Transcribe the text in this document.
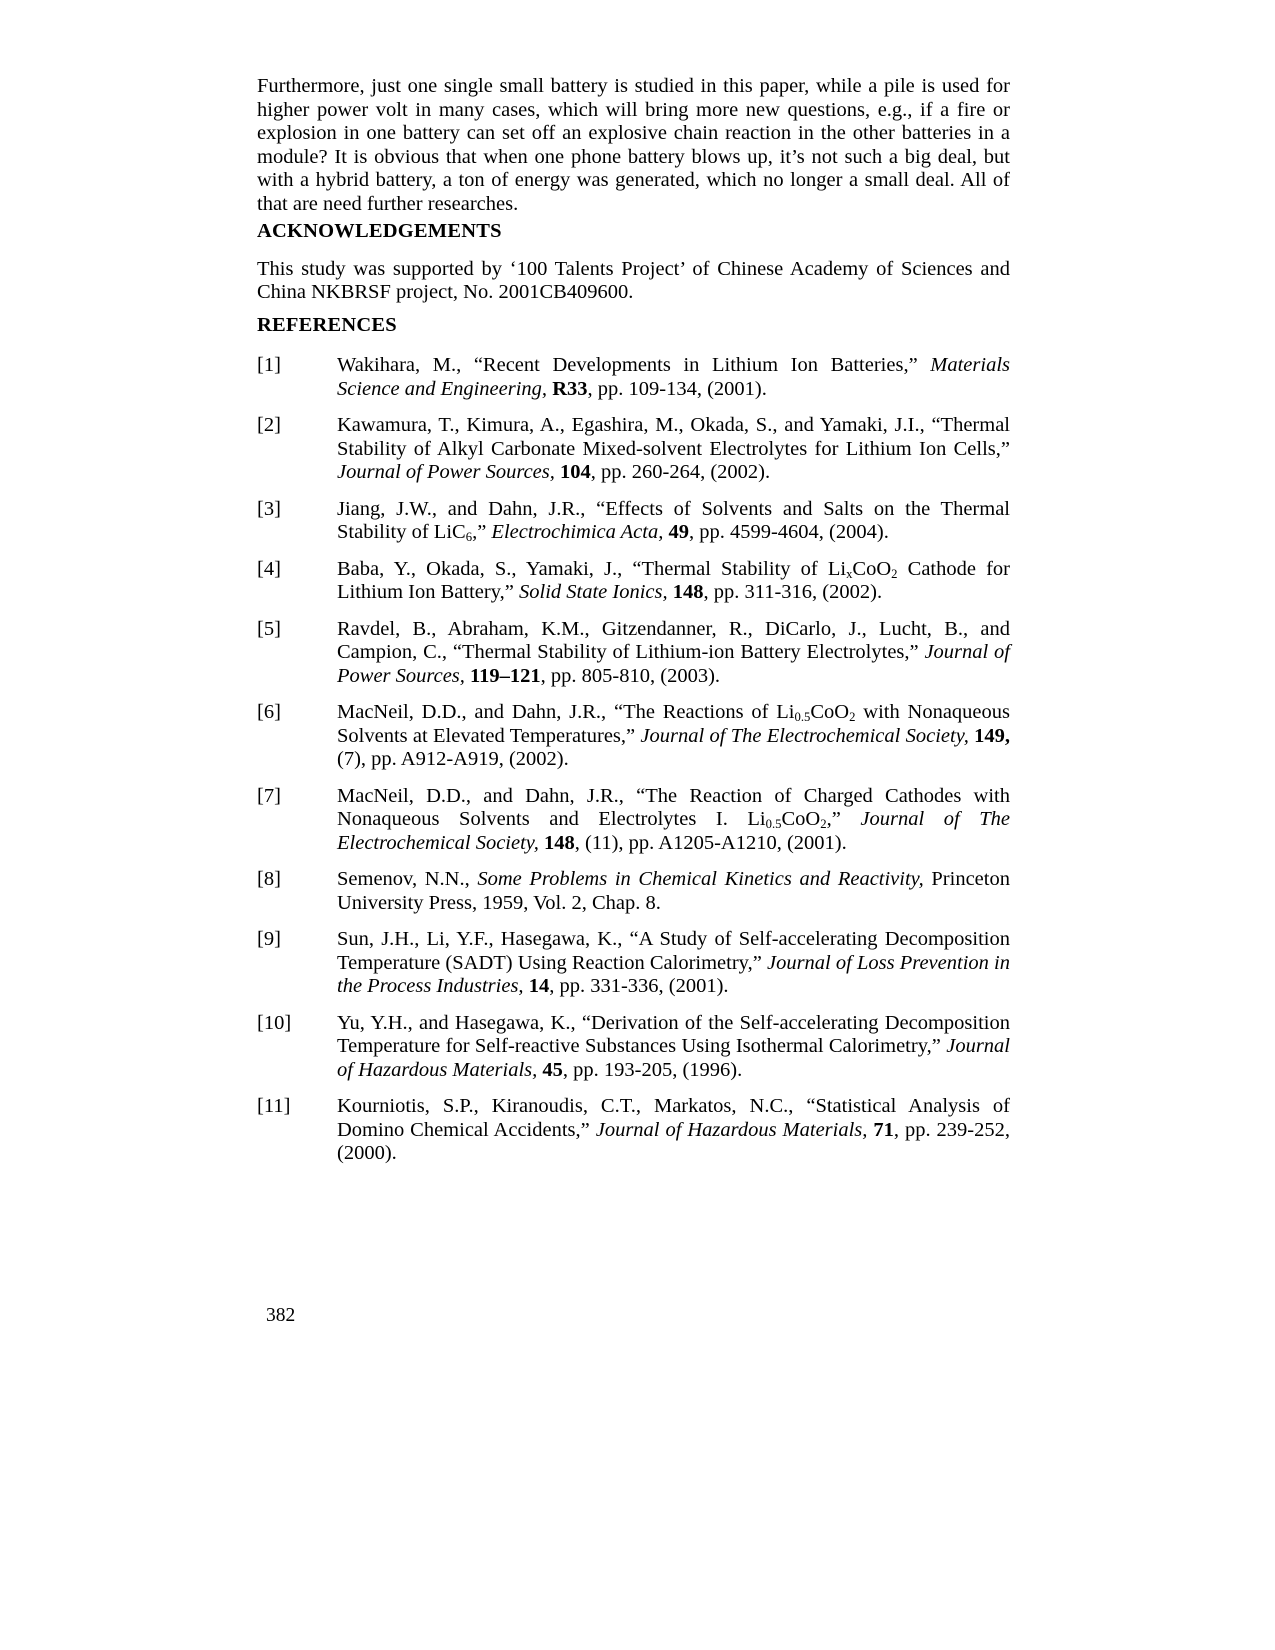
Furthermore, just one single small battery is studied in this paper, while a pile is used for higher power volt in many cases, which will bring more new questions, e.g., if a fire or explosion in one battery can set off an explosive chain reaction in the other batteries in a module? It is obvious that when one phone battery blows up, it’s not such a big deal, but with a hybrid battery, a ton of energy was generated, which no longer a small deal. All of that are need further researches.

ACKNOWLEDGEMENTS

This study was supported by ‘100 Talents Project’ of Chinese Academy of Sciences and China NKBRSF project, No. 2001CB409600.

REFERENCES
[1]	Wakihara, M., “Recent Developments in Lithium Ion Batteries,” Materials Science and Engineering, R33, pp. 109-134, (2001).
[2]	Kawamura, T., Kimura, A., Egashira, M., Okada, S., and Yamaki, J.I., “Thermal Stability of Alkyl Carbonate Mixed-solvent Electrolytes for Lithium Ion Cells,” Journal of Power Sources, 104, pp. 260-264, (2002).
[3]	Jiang, J.W., and Dahn, J.R., “Effects of Solvents and Salts on the Thermal Stability of LiC6,” Electrochimica Acta, 49, pp. 4599-4604, (2004).
[4]	Baba, Y., Okada, S., Yamaki, J., “Thermal Stability of LixCoO2 Cathode for Lithium Ion Battery,” Solid State Ionics, 148, pp. 311-316, (2002).
[5]	Ravdel, B., Abraham, K.M., Gitzendanner, R., DiCarlo, J., Lucht, B., and Campion, C., “Thermal Stability of Lithium-ion Battery Electrolytes,” Journal of Power Sources, 119–121, pp. 805-810, (2003).
[6]	MacNeil, D.D., and Dahn, J.R., “The Reactions of Li0.5CoO2 with Nonaqueous Solvents at Elevated Temperatures,” Journal of The Electrochemical Society, 149, (7), pp. A912-A919, (2002).
[7]	MacNeil, D.D., and Dahn, J.R., “The Reaction of Charged Cathodes with Nonaqueous Solvents and Electrolytes I. Li0.5CoO2,” Journal of The Electrochemical Society, 148, (11), pp. A1205-A1210, (2001).
[8]	Semenov, N.N., Some Problems in Chemical Kinetics and Reactivity, Princeton University Press, 1959, Vol. 2, Chap. 8.
[9]	Sun, J.H., Li, Y.F., Hasegawa, K., “A Study of Self-accelerating Decomposition Temperature (SADT) Using Reaction Calorimetry,” Journal of Loss Prevention in the Process Industries, 14, pp. 331-336, (2001).
[10] Yu, Y.H., and Hasegawa, K., “Derivation of the Self-accelerating Decomposition Temperature for Self-reactive Substances Using Isothermal Calorimetry,” Journal of Hazardous Materials, 45, pp. 193-205, (1996).
[11] Kourniotis, S.P., Kiranoudis, C.T., Markatos, N.C., “Statistical Analysis of Domino Chemical Accidents,” Journal of Hazardous Materials, 71, pp. 239-252, (2000).
382
